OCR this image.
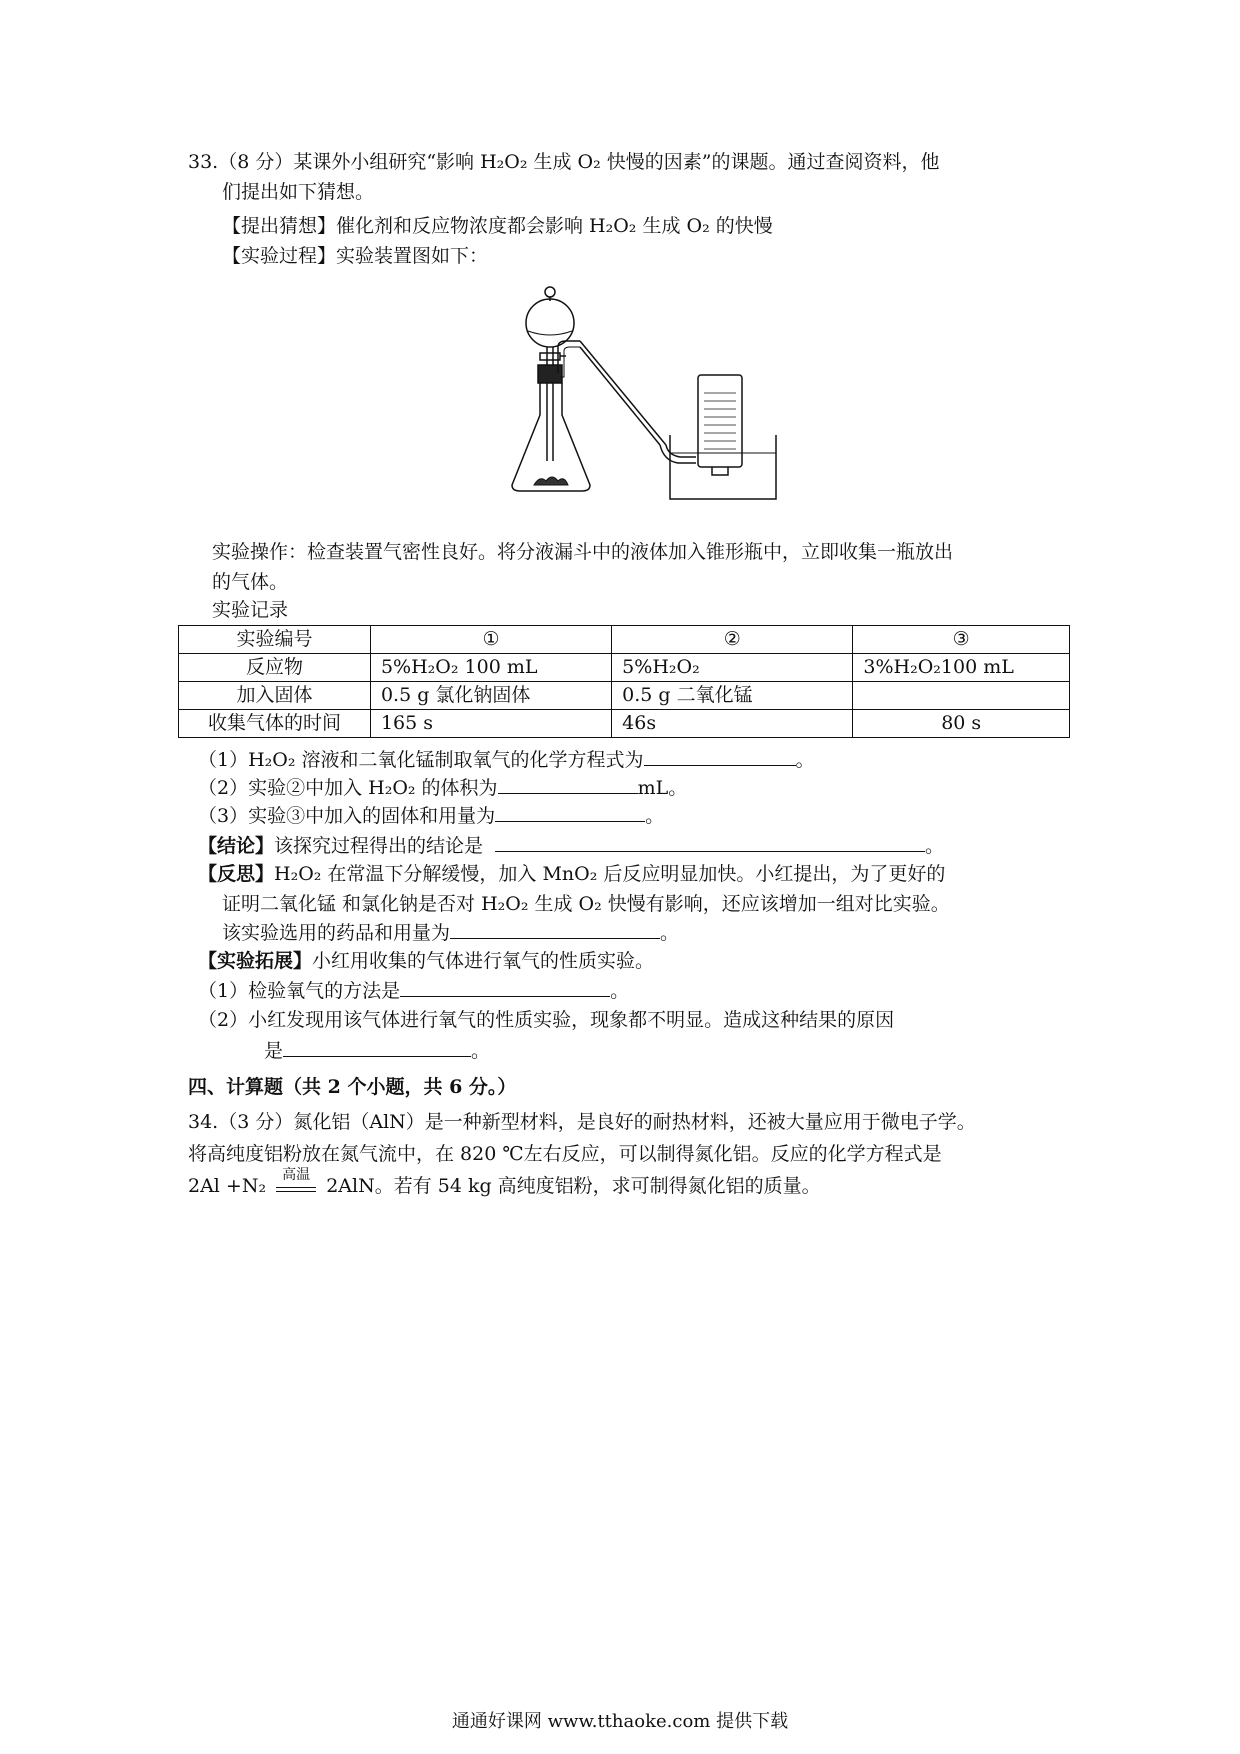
33.（8 分）某课外小组研究“影响 H₂O₂ 生成 O₂ 快慢的因素”的课题。通过查阅资料，他
们提出如下猜想。
【提出猜想】催化剂和反应物浓度都会影响 H₂O₂ 生成 O₂ 的快慢
【实验过程】实验装置图如下：
实验操作：检查装置气密性良好。将分液漏斗中的液体加入锥形瓶中，立即收集一瓶放出
的气体。
实验记录
实验编号	①	②	③
反应物	5%H₂O₂ 100 mL	5%H₂O₂	3%H₂O₂100 mL
加入固体	0.5 g 氯化钠固体	0.5 g 二氧化锰	
收集气体的时间	165 s	46s	80 s
（1）H₂O₂ 溶液和二氧化锰制取氧气的化学方程式为	。
（2）实验②中加入 H₂O₂ 的体积为	mL。
（3）实验③中加入的固体和用量为	。
【结论】该探究过程得出的结论是	。
【反思】H₂O₂ 在常温下分解缓慢，加入 MnO₂ 后反应明显加快。小红提出，为了更好的
证明二氧化锰 和氯化钠是否对 H₂O₂ 生成 O₂ 快慢有影响，还应该增加一组对比实验。
该实验选用的药品和用量为	。
【实验拓展】小红用收集的气体进行氧气的性质实验。
（1）检验氧气的方法是	。
（2）小红发现用该气体进行氧气的性质实验，现象都不明显。造成这种结果的原因
是	。
四、计算题（共 2 个小题，共 6 分。）
34.（3 分）氮化铝（AlN）是一种新型材料，是良好的耐热材料，还被大量应用于微电子学。
将高纯度铝粉放在氮气流中，在 820 ℃左右反应，可以制得氮化铝。反应的化学方程式是
2Al +N₂	高温 2AlN。若有 54 kg 高纯度铝粉，求可制得氮化铝的质量。
通通好课网 www.tthaoke.com 提供下载
